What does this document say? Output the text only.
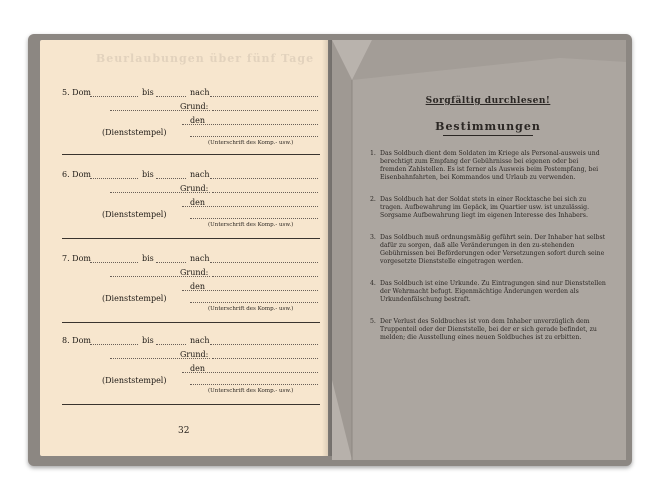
Beurlaubungen über fünf Tage
5. Dom	bis	nach
Grund:
den
(Dienststempel)
(Unterschrift des Komp.- usw.)
6. Dom	bis	nach
Grund:
den
(Dienststempel)
(Unterschrift des Komp.- usw.)
7. Dom	bis	nach
Grund:
den
(Dienststempel)
(Unterschrift des Komp.- usw.)
8. Dom	bis	nach
Grund:
den
(Dienststempel)
(Unterschrift des Komp.- usw.)
32
Sorgfältig durchlesen!
Bestimmungen
1. Das Soldbuch dient dem Soldaten im Kriege als Personal-ausweis und berechtigt zum Empfang der Gebührnisse bei eigenen oder bei fremden Zahlstellen. Es ist ferner als Ausweis beim Postempfang, bei Eisenbahnfahrten, bei Kommandos und Urlaub zu verwenden.
2. Das Soldbuch hat der Soldat stets in einer Rocktasche bei sich zu tragen. Aufbewahrung im Gepäck, im Quartier usw. ist unzulässig. Sorgsame Aufbewahrung liegt im eigenen Interesse des Inhabers.
3. Das Soldbuch muß ordnungsmäßig geführt sein. Der Inhaber hat selbst dafür zu sorgen, daß alle Veränderungen in den zu-stehenden Gebührnissen bei Beförderungen oder Versetzungen sofort durch seine vorgesetzte Dienststelle eingetragen werden.
4. Das Soldbuch ist eine Urkunde. Zu Eintragungen sind nur Dienststellen der Wehrmacht befugt. Eigenmächtige Änderungen werden als Urkundenfälschung bestraft.
5. Der Verlust des Soldbuches ist von dem Inhaber unverzüglich dem Truppenteil oder der Dienststelle, bei der er sich gerade befindet, zu melden; die Ausstellung eines neuen Soldbuches ist zu erbitten.
